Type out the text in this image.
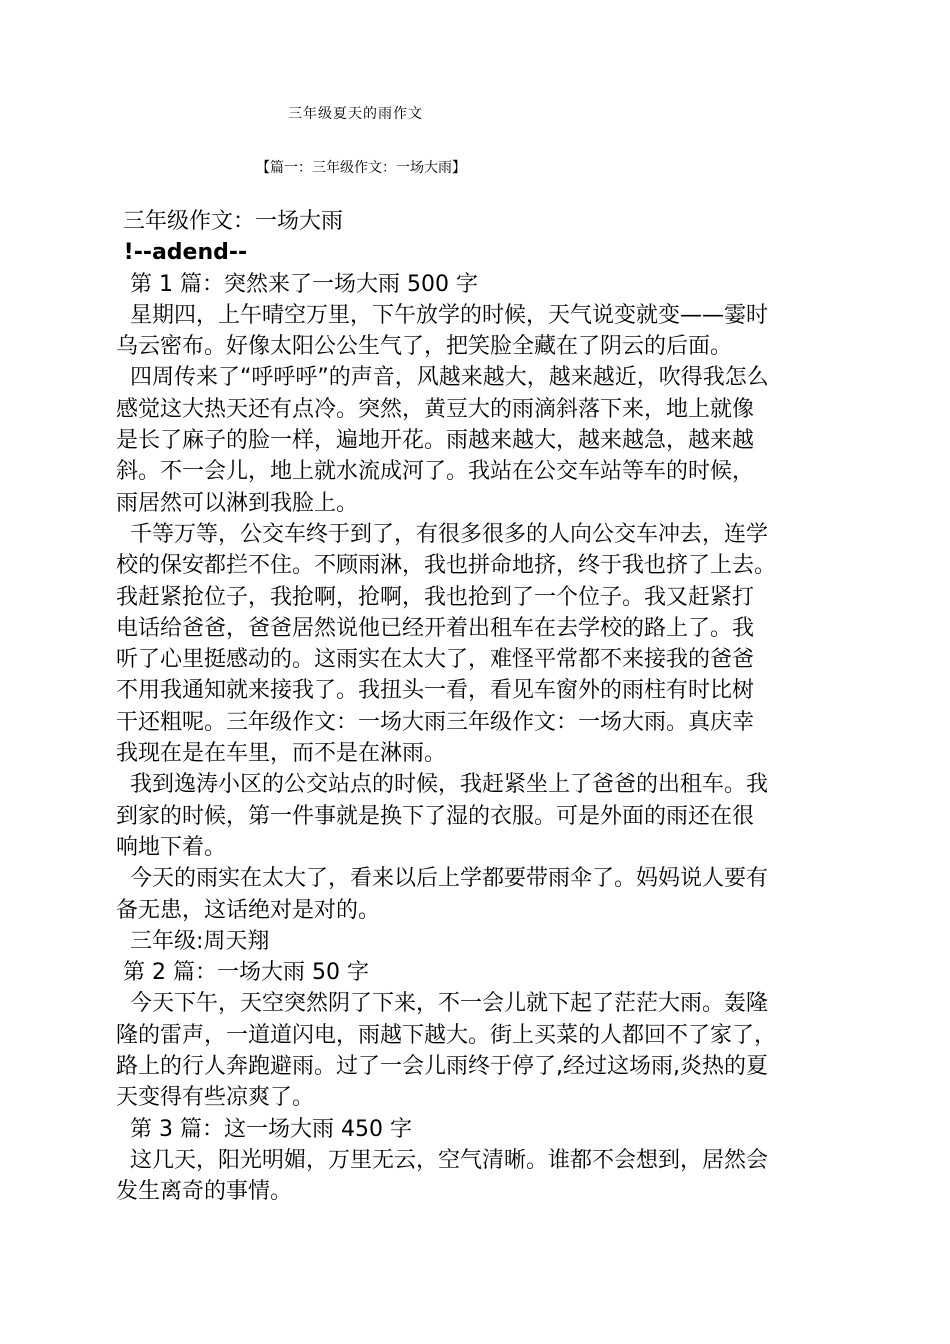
三年级夏天的雨作文
【篇一：三年级作文：一场大雨】
三年级作文：一场大雨
!--adend--
第 1 篇：突然来了一场大雨 500 字
星期四，上午晴空万里，下午放学的时候，天气说变就变——霎时
乌云密布。好像太阳公公生气了，把笑脸全藏在了阴云的后面。
四周传来了“呼呼呼”的声音，风越来越大，越来越近，吹得我怎么
感觉这大热天还有点冷。突然，黄豆大的雨滴斜落下来，地上就像
是长了麻子的脸一样，遍地开花。雨越来越大，越来越急，越来越
斜。不一会儿，地上就水流成河了。我站在公交车站等车的时候，
雨居然可以淋到我脸上。
千等万等，公交车终于到了，有很多很多的人向公交车冲去，连学
校的保安都拦不住。不顾雨淋，我也拼命地挤，终于我也挤了上去。
我赶紧抢位子，我抢啊，抢啊，我也抢到了一个位子。我又赶紧打
电话给爸爸，爸爸居然说他已经开着出租车在去学校的路上了。我
听了心里挺感动的。这雨实在太大了，难怪平常都不来接我的爸爸
不用我通知就来接我了。我扭头一看，看见车窗外的雨柱有时比树
干还粗呢。三年级作文：一场大雨三年级作文：一场大雨。真庆幸
我现在是在车里，而不是在淋雨。
我到逸涛小区的公交站点的时候，我赶紧坐上了爸爸的出租车。我
到家的时候，第一件事就是换下了湿的衣服。可是外面的雨还在很
响地下着。
今天的雨实在太大了，看来以后上学都要带雨伞了。妈妈说人要有
备无患，这话绝对是对的。
三年级:周天翔
第 2 篇：一场大雨 50 字
今天下午，天空突然阴了下来，不一会儿就下起了茫茫大雨。轰隆
隆的雷声，一道道闪电，雨越下越大。街上买菜的人都回不了家了，
路上的行人奔跑避雨。过了一会儿雨终于停了,经过这场雨,炎热的夏
天变得有些凉爽了。
第 3 篇：这一场大雨 450 字
这几天，阳光明媚，万里无云，空气清晰。谁都不会想到，居然会
发生离奇的事情。
